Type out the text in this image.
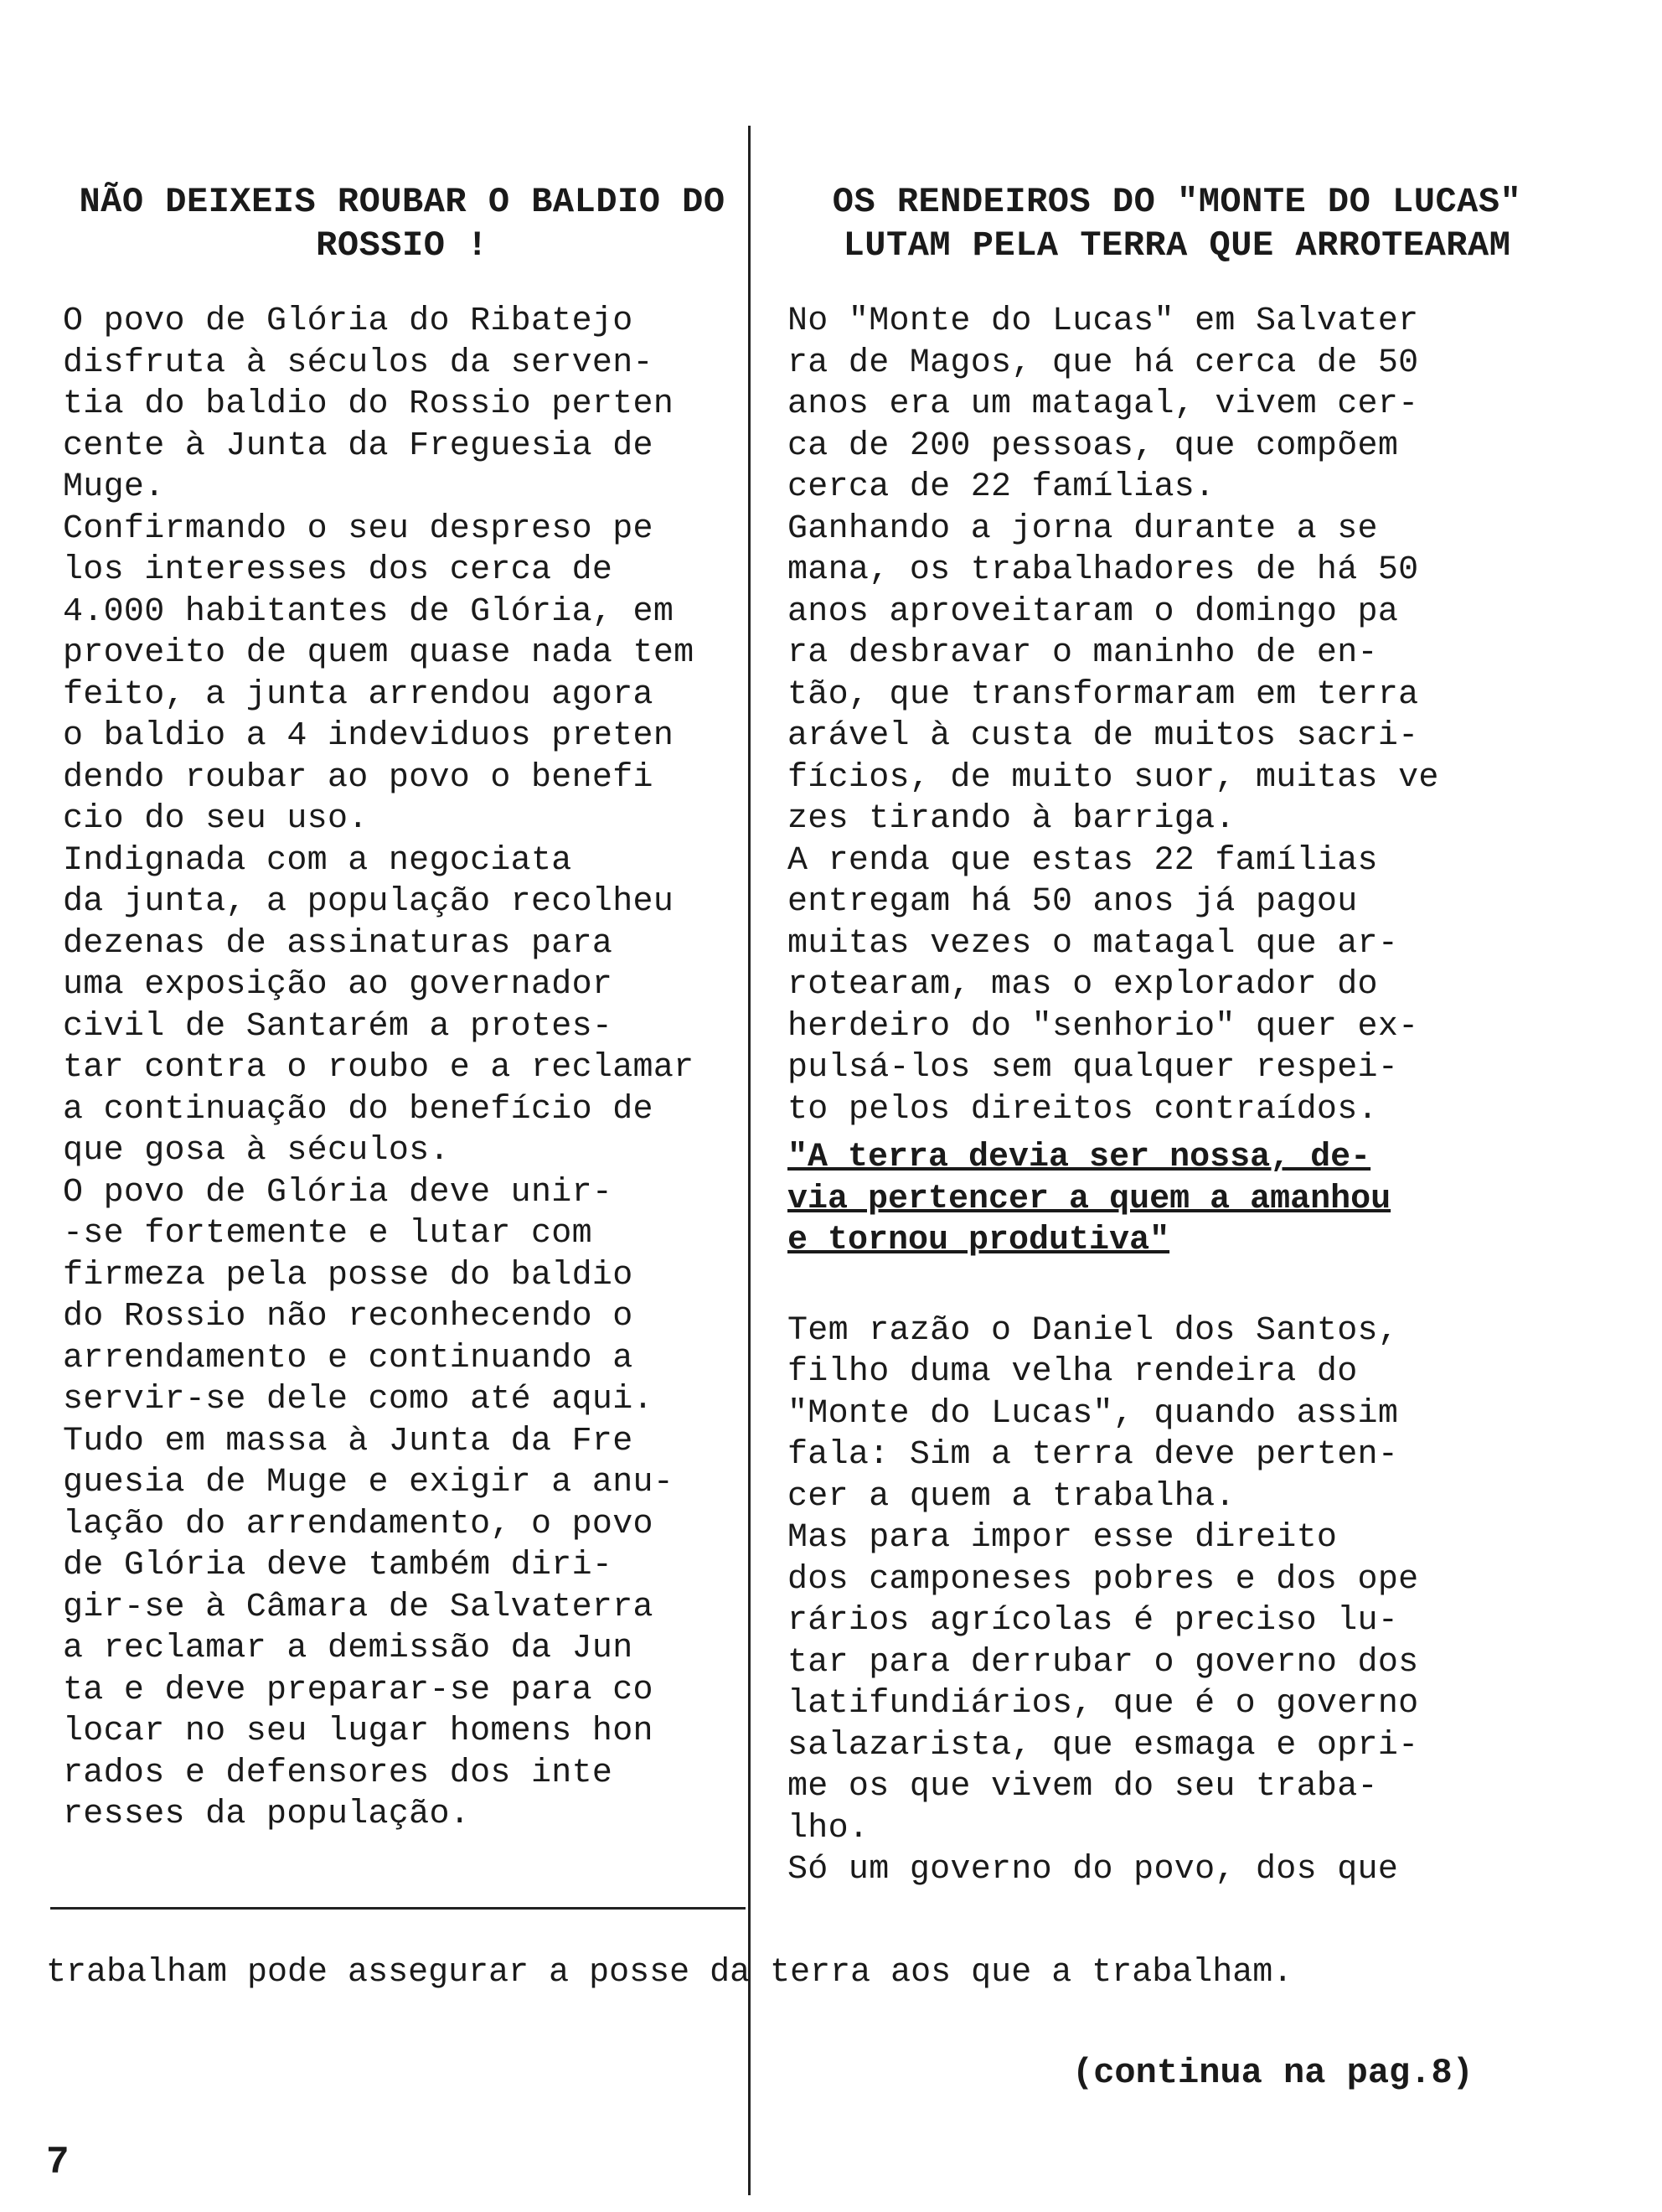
NÃO DEIXEIS ROUBAR O BALDIO DO
ROSSIO !

O povo de Glória do Ribatejo
disfruta à séculos da serven-
tia do baldio do Rossio perten
cente à Junta da Freguesia de
Muge.

Confirmando o seu despreso pe
los interesses dos cerca de
4.000 habitantes de Glória, em
proveito de quem quase nada tem
feito, a junta arrendou agora
o baldio a 4 indeviduos preten
dendo roubar ao povo o benefi
cio do seu uso.

Indignada com a negociata
da junta, a população recolheu
dezenas de assinaturas para
uma exposição ao governador
civil de Santarém a protes-
tar contra o roubo e a reclamar
a continuação do benefício de
que gosa à séculos.

O povo de Glória deve unir-
-se fortemente e lutar com
firmeza pela posse do baldio
do Rossio não reconhecendo o
arrendamento e continuando a
servir-se dele como até aqui.

Tudo em massa à Junta da Fre
guesia de Muge e exigir a anu-
lação do arrendamento, o povo
de Glória deve também diri-
gir-se à Câmara de Salvaterra
a reclamar a demissão da Jun
ta e deve preparar-se para co
locar no seu lugar homens hon
rados e defensores dos inte
resses da população.

OS RENDEIROS DO "MONTE DO LUCAS"
LUTAM PELA TERRA QUE ARROTEARAM

No "Monte do Lucas" em Salvater
ra de Magos, que há cerca de 50
anos era um matagal, vivem cer-
ca de 200 pessoas, que compõem
cerca de 22 famílias.

Ganhando a jorna durante a se
mana, os trabalhadores de há 50
anos aproveitaram o domingo pa
ra desbravar o maninho de en-
tão, que transformaram em terra
arável à custa de muitos sacri-
fícios, de muito suor, muitas ve
zes tirando à barriga.

A renda que estas 22 famílias
entregam há 50 anos já pagou
muitas vezes o matagal que ar-
rotearam, mas o explorador do
herdeiro do "senhorio" quer ex-
pulsá-los sem qualquer respei-
to pelos direitos contraídos.

"A terra devia ser nossa, de-
via pertencer a quem a amanhou
e tornou produtiva"

Tem razão o Daniel dos Santos,
filho duma velha rendeira do
"Monte do Lucas", quando assim
fala: Sim a terra deve perten-
cer a quem a trabalha.

Mas para impor esse direito
dos camponeses pobres e dos ope
rários agrícolas é preciso lu-
tar para derrubar o governo dos
latifundiários, que é o governo
salazarista, que esmaga e opri-
me os que vivem do seu traba-
lho.

Só um governo do povo, dos que

trabalham pode assegurar a posse da terra aos que a trabalham.
(continua na pag.8)
7
